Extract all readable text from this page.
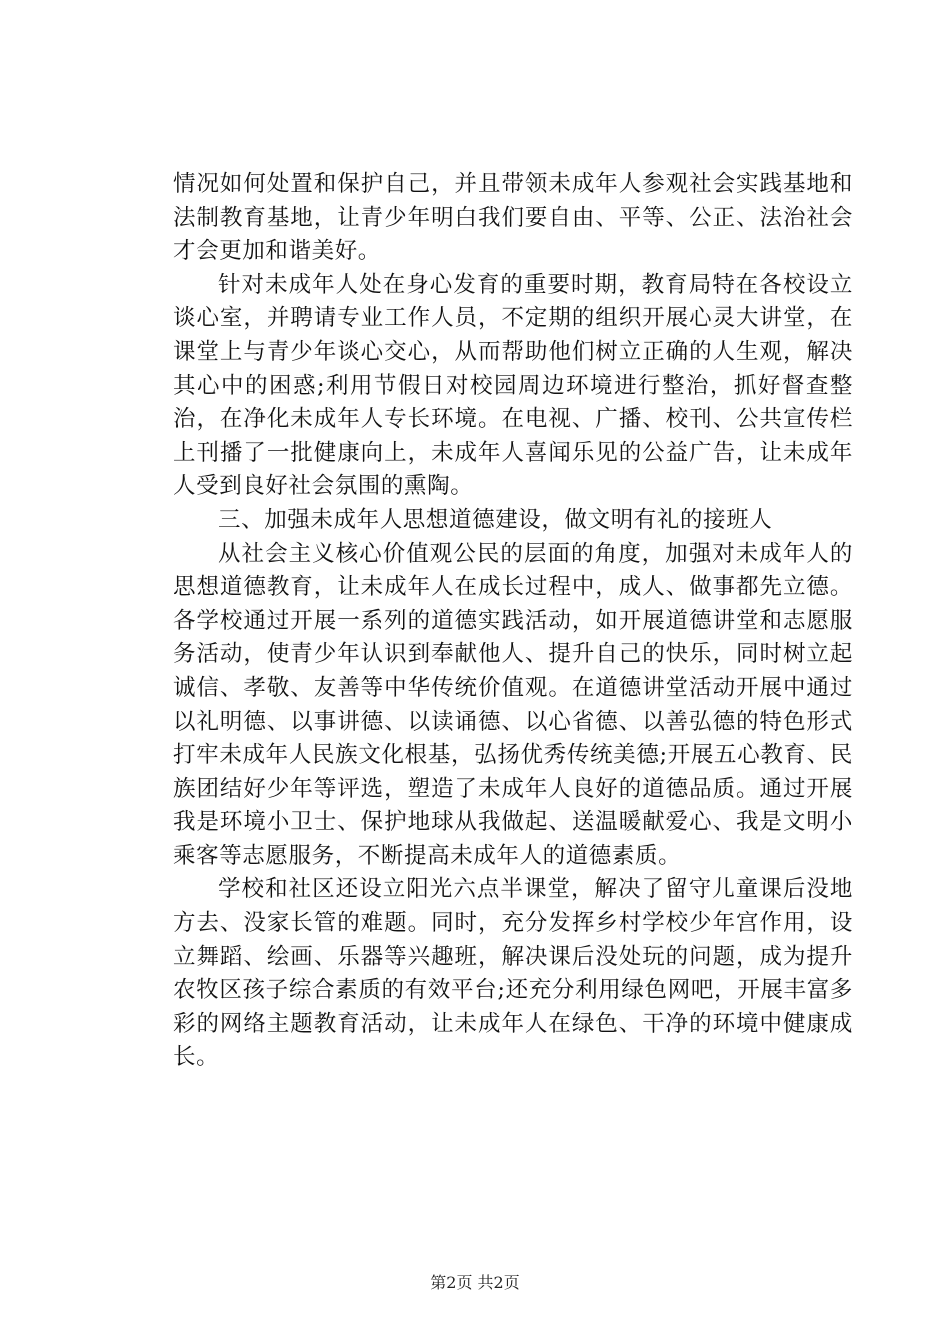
情况如何处置和保护自己，并且带领未成年人参观社会实践基地和法制教育基地，让青少年明白我们要自由、平等、公正、法治社会才会更加和谐美好。

针对未成年人处在身心发育的重要时期，教育局特在各校设立谈心室，并聘请专业工作人员，不定期的组织开展心灵大讲堂，在课堂上与青少年谈心交心，从而帮助他们树立正确的人生观，解决其心中的困惑;利用节假日对校园周边环境进行整治，抓好督查整治，在净化未成年人专长环境。在电视、广播、校刊、公共宣传栏上刊播了一批健康向上，未成年人喜闻乐见的公益广告，让未成年人受到良好社会氛围的熏陶。

三、加强未成年人思想道德建设，做文明有礼的接班人

从社会主义核心价值观公民的层面的角度，加强对未成年人的思想道德教育，让未成年人在成长过程中，成人、做事都先立德。各学校通过开展一系列的道德实践活动，如开展道德讲堂和志愿服务活动，使青少年认识到奉献他人、提升自己的快乐，同时树立起诚信、孝敬、友善等中华传统价值观。在道德讲堂活动开展中通过以礼明德、以事讲德、以读诵德、以心省德、以善弘德的特色形式打牢未成年人民族文化根基，弘扬优秀传统美德;开展五心教育、民族团结好少年等评选，塑造了未成年人良好的道德品质。通过开展我是环境小卫士、保护地球从我做起、送温暖献爱心、我是文明小乘客等志愿服务，不断提高未成年人的道德素质。

学校和社区还设立阳光六点半课堂，解决了留守儿童课后没地方去、没家长管的难题。同时，充分发挥乡村学校少年宫作用，设立舞蹈、绘画、乐器等兴趣班，解决课后没处玩的问题，成为提升农牧区孩子综合素质的有效平台;还充分利用绿色网吧，开展丰富多彩的网络主题教育活动，让未成年人在绿色、干净的环境中健康成长。

第2页 共2页
